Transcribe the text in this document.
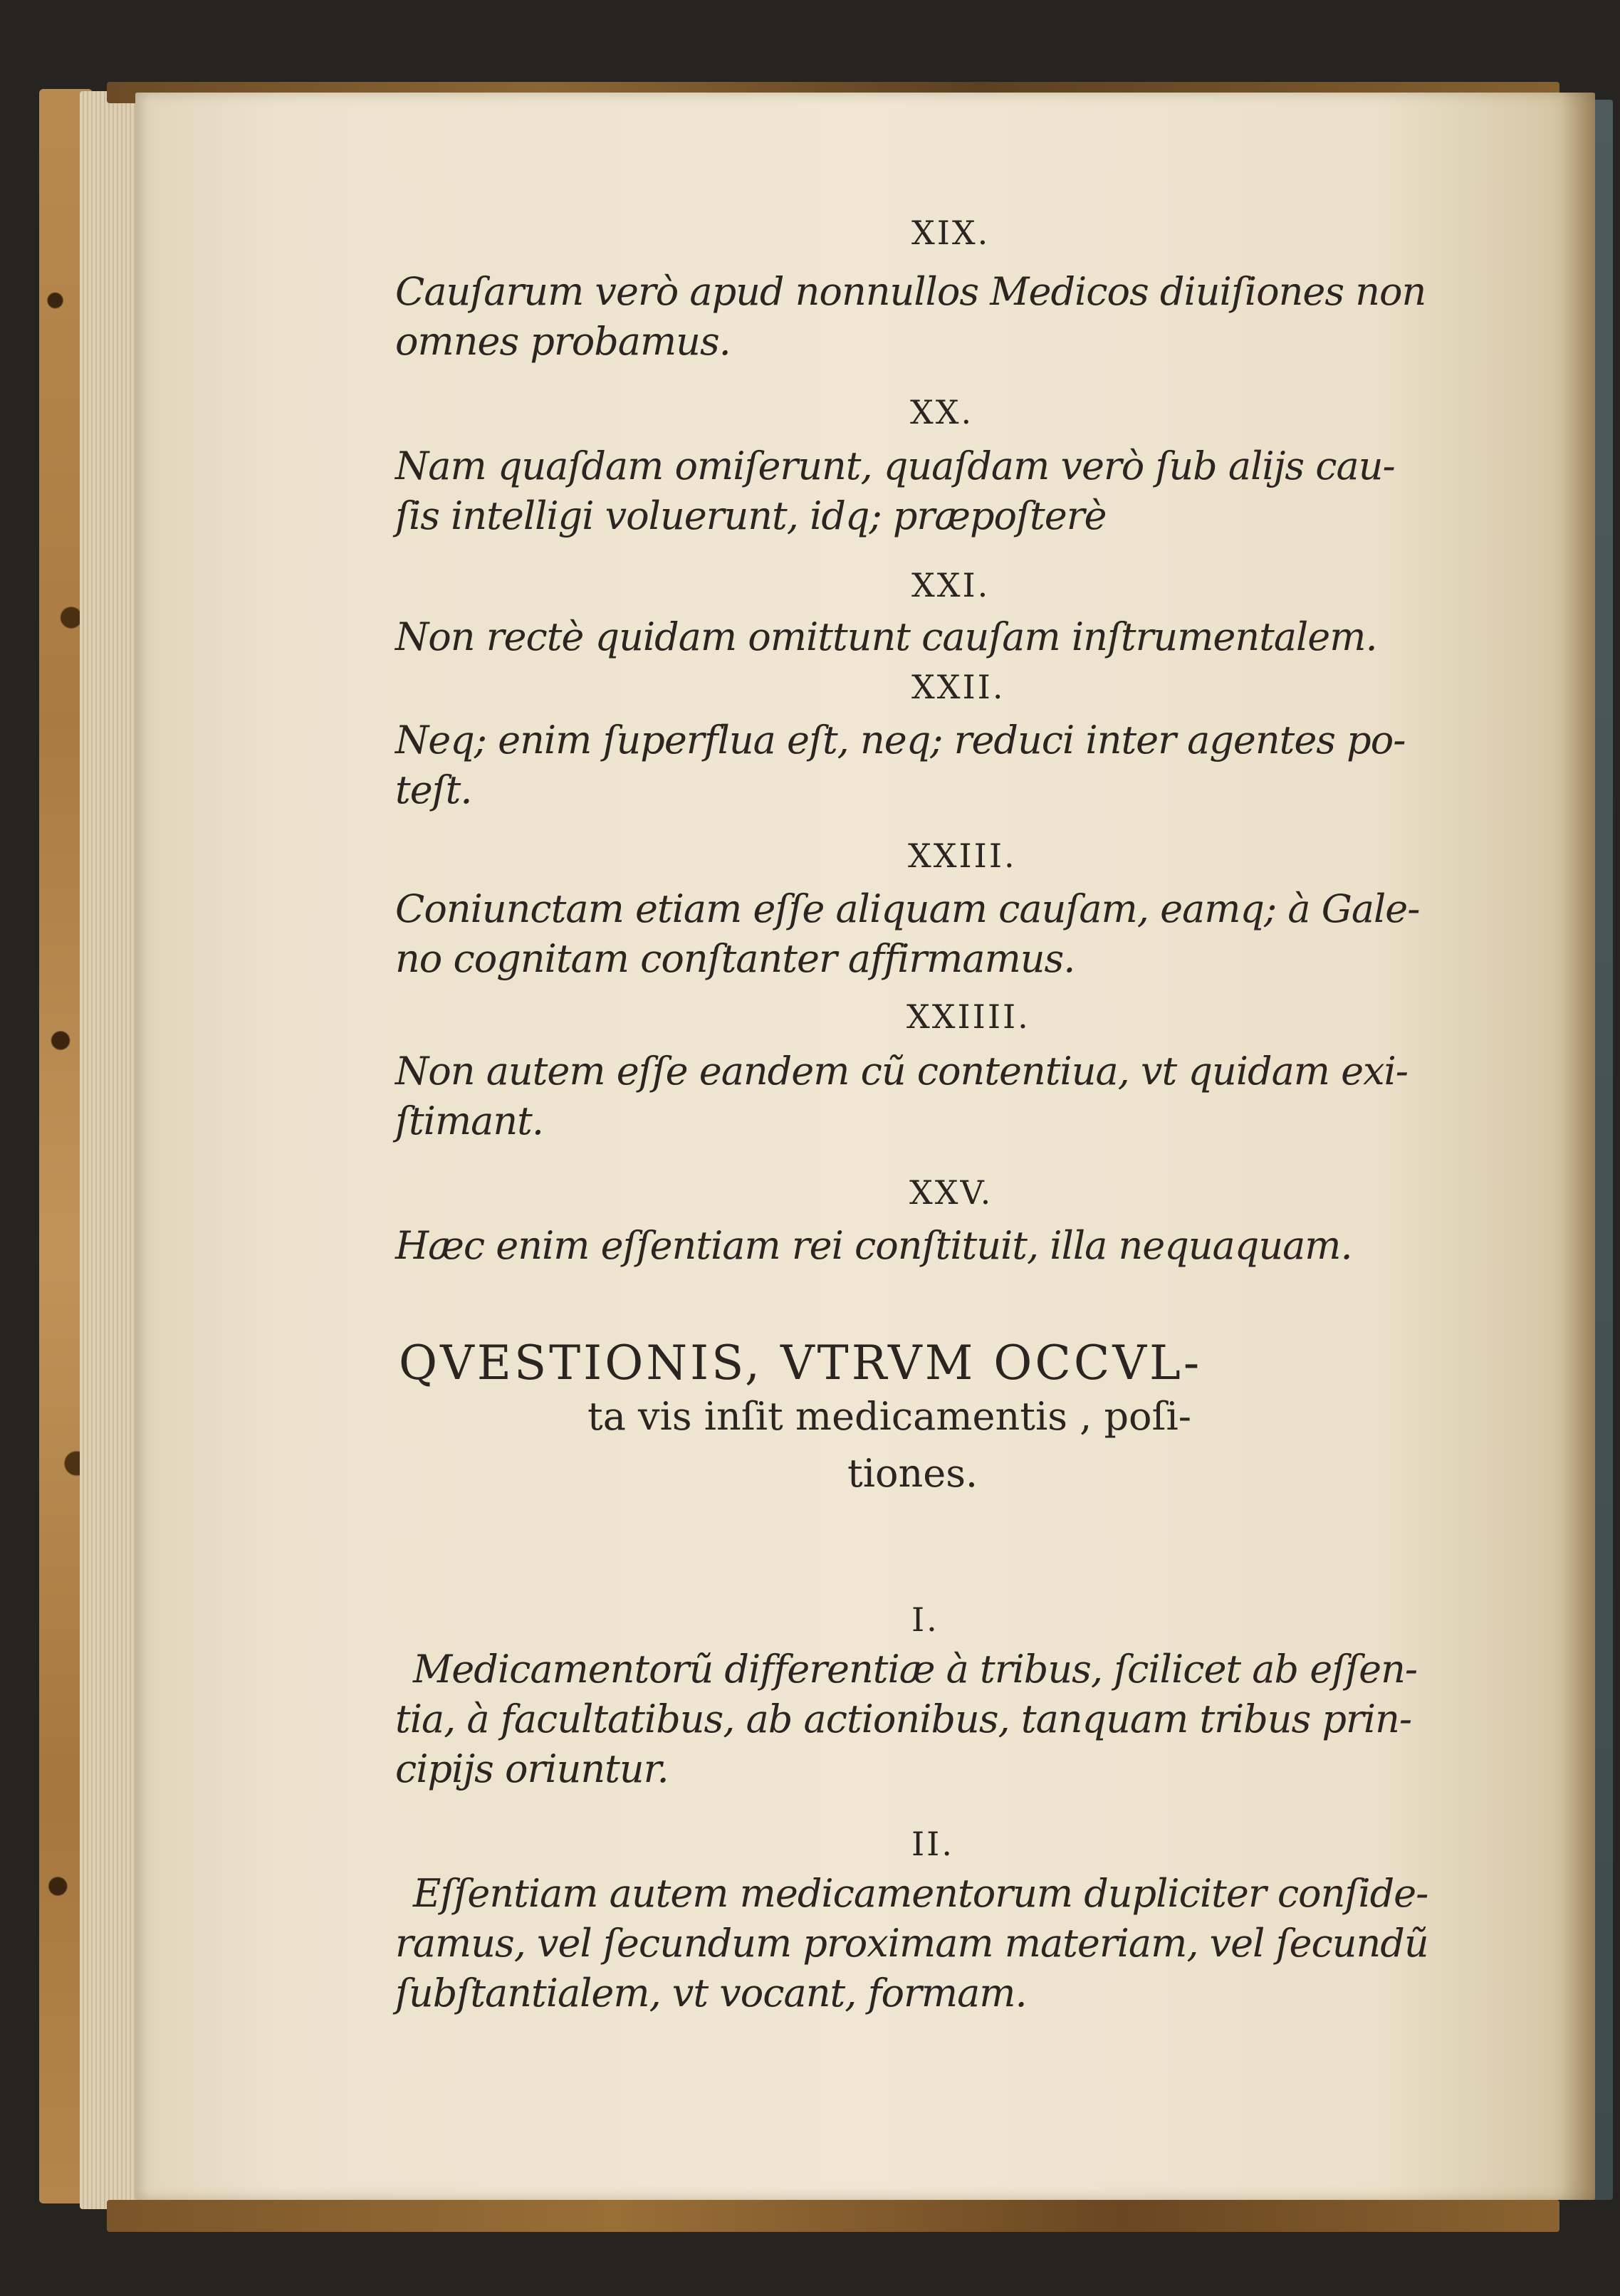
XIX.
Cauſarum verò apud nonnullos Medicos diuiſiones non
omnes probamus.
XX.
Nam quaſdam omiſerunt, quaſdam verò ſub alijs cau-
ſis intelligi voluerunt, idq; præpoſterè
XXI.
Non rectè quidam omittunt cauſam inſtrumentalem.
XXII.
Neq; enim ſuperflua eſt, neq; reduci inter agentes po-
teſt.
XXIII.
Coniunctam etiam eſſe aliquam cauſam, eamq; à Gale-
no cognitam conſtanter affirmamus.
XXIIII.
Non autem eſſe eandem cũ contentiua, vt quidam exi-
ſtimant.
XXV.
Hæc enim eſſentiam rei conſtituit, illa nequaquam.
QVESTIONIS, VTRVM OCCVL-
ta vis inſit medicamentis , poſi-
tiones.
I.
Medicamentorũ differentiæ à tribus, ſcilicet ab eſſen-
tia, à facultatibus, ab actionibus, tanquam tribus prin-
cipijs oriuntur.
II.
Eſſentiam autem medicamentorum dupliciter conſide-
ramus, vel ſecundum proximam materiam, vel ſecundũ
ſubſtantialem, vt vocant, formam.
